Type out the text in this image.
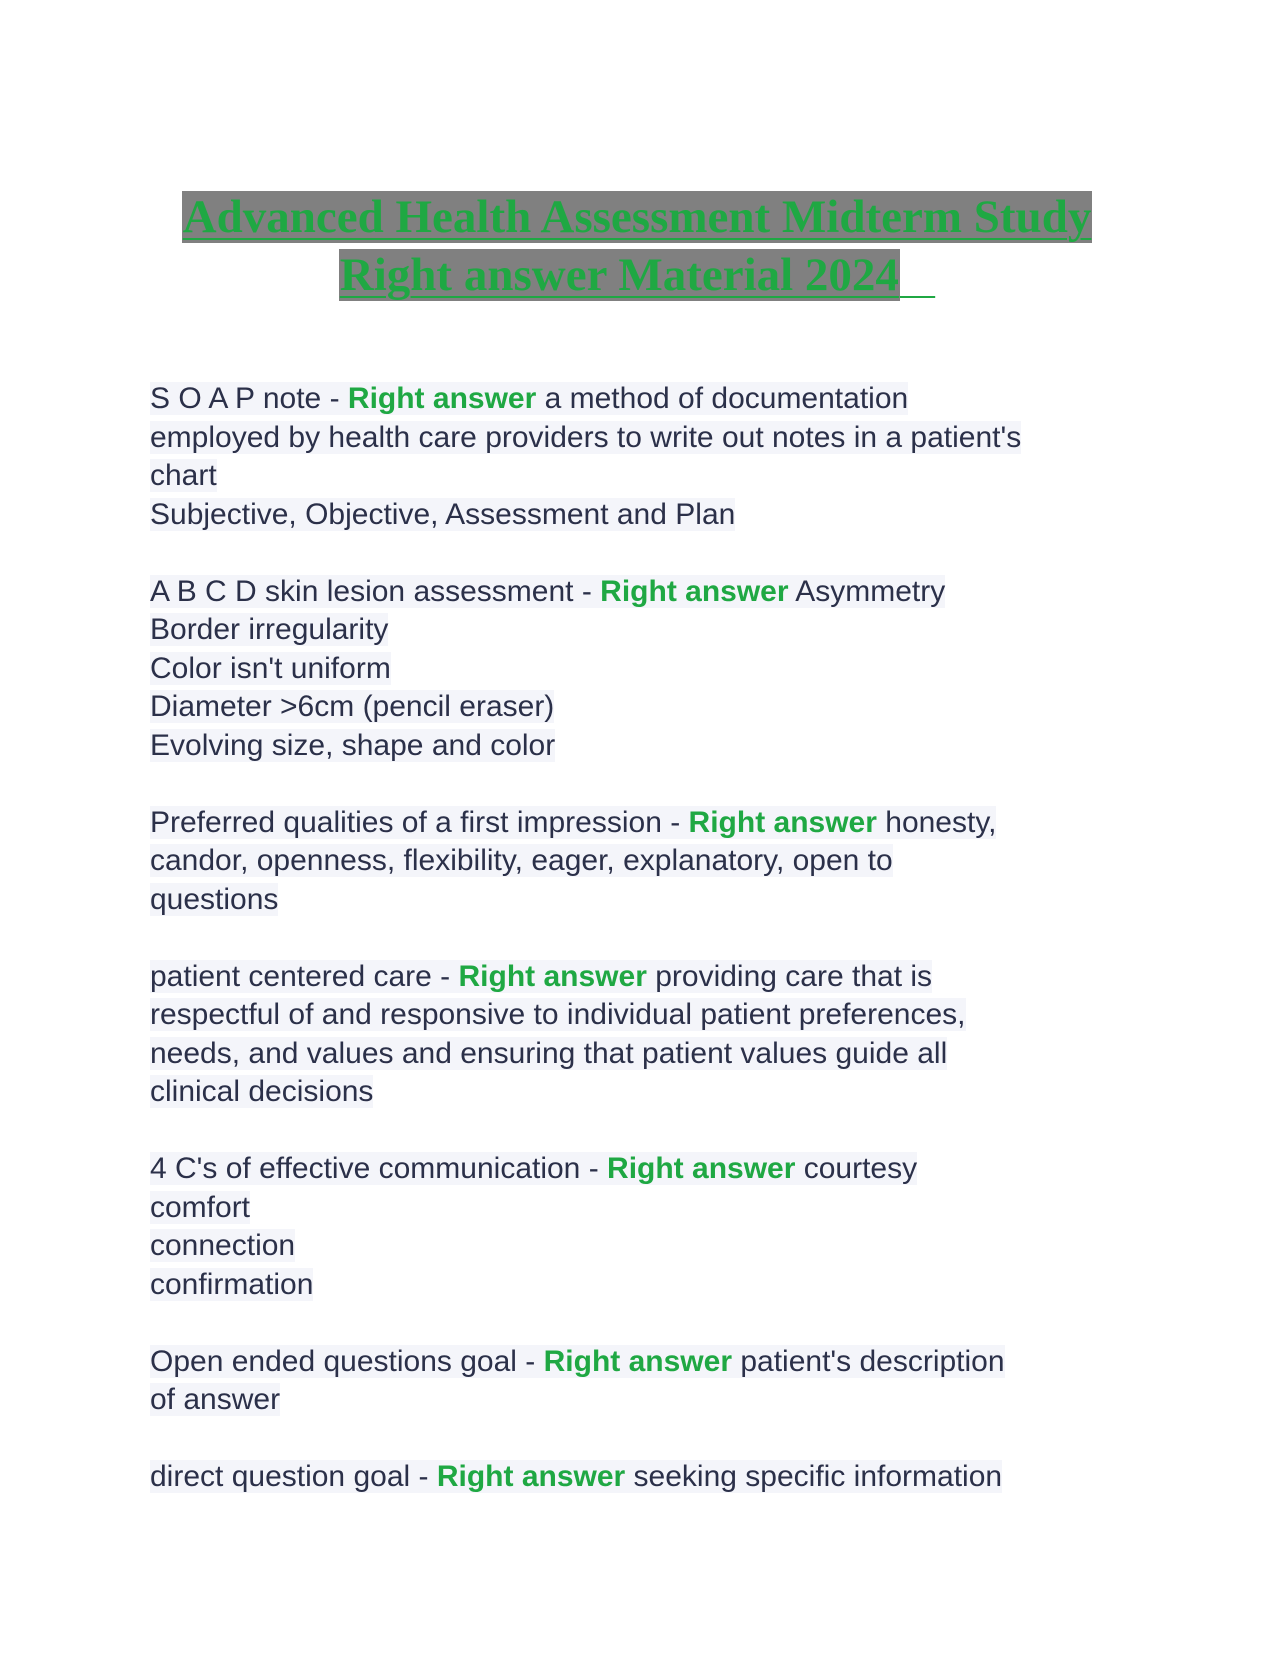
Advanced Health Assessment Midterm Study
Right answer Material 2024
S O A P note - Right answer a method of documentation
employed by health care providers to write out notes in a patient's
chart
Subjective, Objective, Assessment and Plan
A B C D skin lesion assessment - Right answer Asymmetry
Border irregularity
Color isn't uniform
Diameter >6cm (pencil eraser)
Evolving size, shape and color
Preferred qualities of a first impression - Right answer honesty,
candor, openness, flexibility, eager, explanatory, open to
questions
patient centered care - Right answer providing care that is
respectful of and responsive to individual patient preferences,
needs, and values and ensuring that patient values guide all
clinical decisions
4 C's of effective communication - Right answer courtesy
comfort
connection
confirmation
Open ended questions goal - Right answer patient's description
of answer
direct question goal - Right answer seeking specific information
